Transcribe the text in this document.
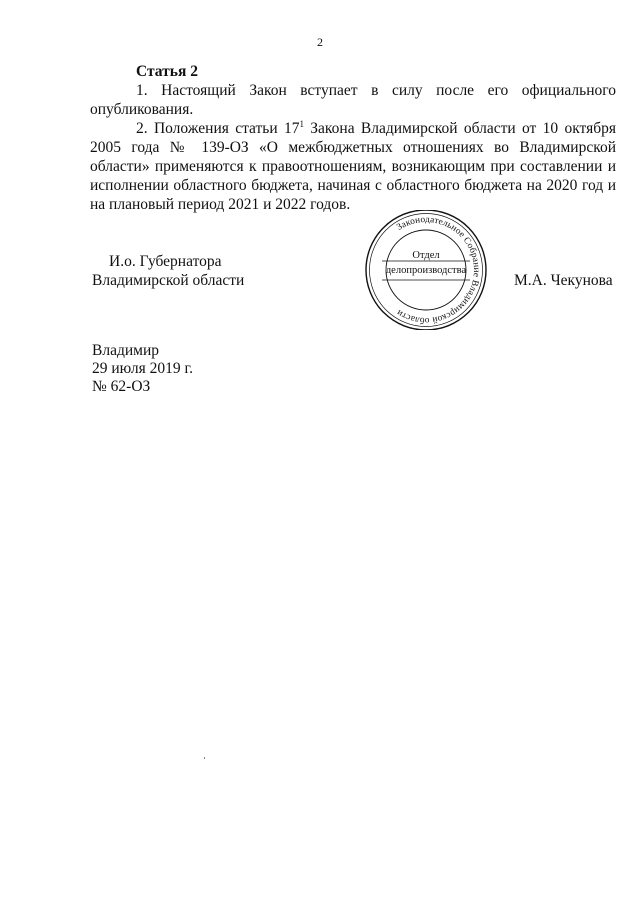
2

Статья 2

1. Настоящий Закон вступает в силу после его официального опубликования.

2. Положения статьи $17^1$ Закона Владимирской области от 10 октября 2005 года № 139-ОЗ «О межбюджетных отношениях во Владимирской области» применяются к правоотношениям, возникающим при составлении и исполнении областного бюджета, начиная с областного бюджета на 2020 год и на плановый период 2021 и 2022 годов.

И.о. Губернатора
Владимирской области
Законодательное Собрание Владимирской области
Отдел
делопроизводства
М.А. Чекунова
Владимир
29 июля 2019 г.
№ 62-ОЗ
